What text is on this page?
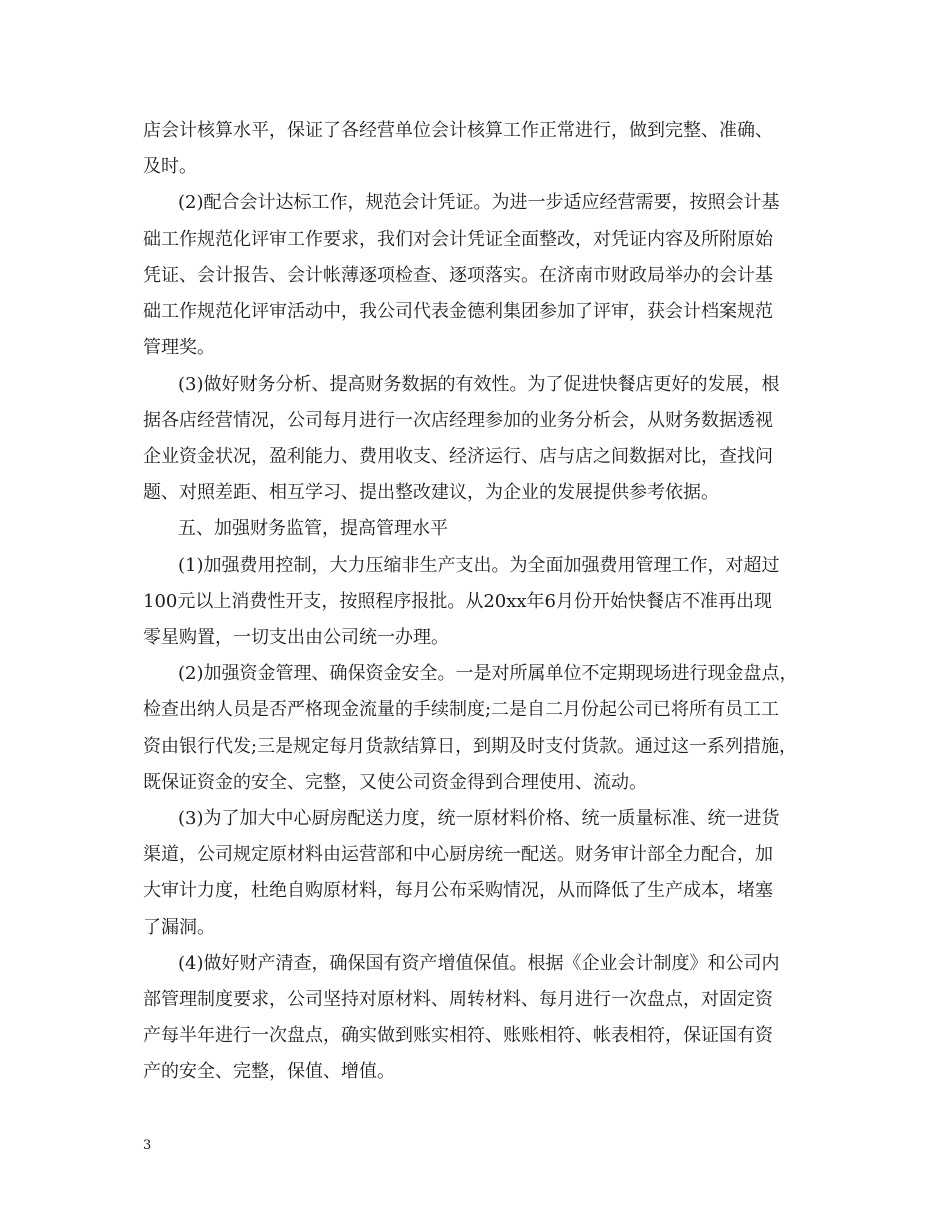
店会计核算水平，保证了各经营单位会计核算工作正常进行，做到完整、准确、
及时。
(2)配合会计达标工作，规范会计凭证。为进一步适应经营需要，按照会计基
础工作规范化评审工作要求，我们对会计凭证全面整改，对凭证内容及所附原始
凭证、会计报告、会计帐薄逐项检查、逐项落实。在济南市财政局举办的会计基
础工作规范化评审活动中，我公司代表金德利集团参加了评审，获会计档案规范
管理奖。
(3)做好财务分析、提高财务数据的有效性。为了促进快餐店更好的发展，根
据各店经营情况，公司每月进行一次店经理参加的业务分析会，从财务数据透视
企业资金状况，盈利能力、费用收支、经济运行、店与店之间数据对比，查找问
题、对照差距、相互学习、提出整改建议，为企业的发展提供参考依据。
五、加强财务监管，提高管理水平
(1)加强费用控制，大力压缩非生产支出。为全面加强费用管理工作，对超过
100元以上消费性开支，按照程序报批。从20xx年6月份开始快餐店不准再出现
零星购置，一切支出由公司统一办理。
(2)加强资金管理、确保资金安全。一是对所属单位不定期现场进行现金盘点，
检查出纳人员是否严格现金流量的手续制度;二是自二月份起公司已将所有员工工
资由银行代发;三是规定每月货款结算日，到期及时支付货款。通过这一系列措施，
既保证资金的安全、完整，又使公司资金得到合理使用、流动。
(3)为了加大中心厨房配送力度，统一原材料价格、统一质量标准、统一进货
渠道，公司规定原材料由运营部和中心厨房统一配送。财务审计部全力配合，加
大审计力度，杜绝自购原材料，每月公布采购情况，从而降低了生产成本，堵塞
了漏洞。
(4)做好财产清查，确保国有资产增值保值。根据《企业会计制度》和公司内
部管理制度要求，公司坚持对原材料、周转材料、每月进行一次盘点，对固定资
产每半年进行一次盘点，确实做到账实相符、账账相符、帐表相符，保证国有资
产的安全、完整，保值、增值。
3
